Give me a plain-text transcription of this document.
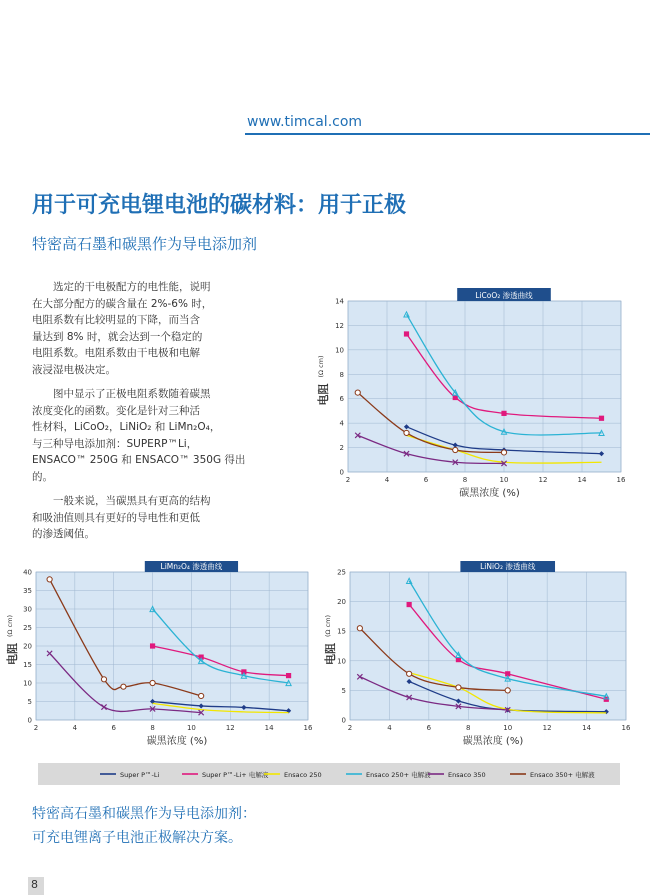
www.timcal.com
用于可充电锂电池的碳材料：用于正极
特密高石墨和碳黑作为导电添加剂

选定的干电极配方的电性能，说明

在大部分配方的碳含量在 2%-6% 时，
电阻系数有比较明显的下降，而当含
量达到 8% 时，就会达到一个稳定的
电阻系数。电阻系数由干电极和电解
液浸湿电极决定。

图中显示了正极电阻系数随着碳黑

浓度变化的函数。变化是针对三种活
性材料，LiCoO₂，LiNiO₂ 和 LiMn₂O₄，
与三种导电添加剂：SUPERP™Li，
ENSACO™ 250G 和 ENSACO™ 350G 得出
的。

一般来说，当碳黑具有更高的结构

和吸油值则具有更好的导电性和更低
的渗透阈值。
LiCoO₂ 渗透曲线
2	4	6	8	10	12	14	16
0
2
4
6
8
10
12
14
碳黑浓度 (%)
(Ω cm)
电阻
LiMn₂O₄ 渗透曲线
2	4	6	8	10	12	14	16
0
5
10
15
20
25
30
35
40
碳黑浓度 (%)
(Ω cm)
电阻
LiNiO₂ 渗透曲线
2	4	6	8	10	12	14	16
0
5
10
15
20
25
碳黑浓度 (%)
(Ω cm)
电阻
Super P™-Li	Super P™-Li+ 电解液 Ensaco 250	Ensaco 250+ 电解液	Ensaco 350	Ensaco 350+ 电解液
特密高石墨和碳黑作为导电添加剂：
可充电锂离子电池正极解决方案。
8
